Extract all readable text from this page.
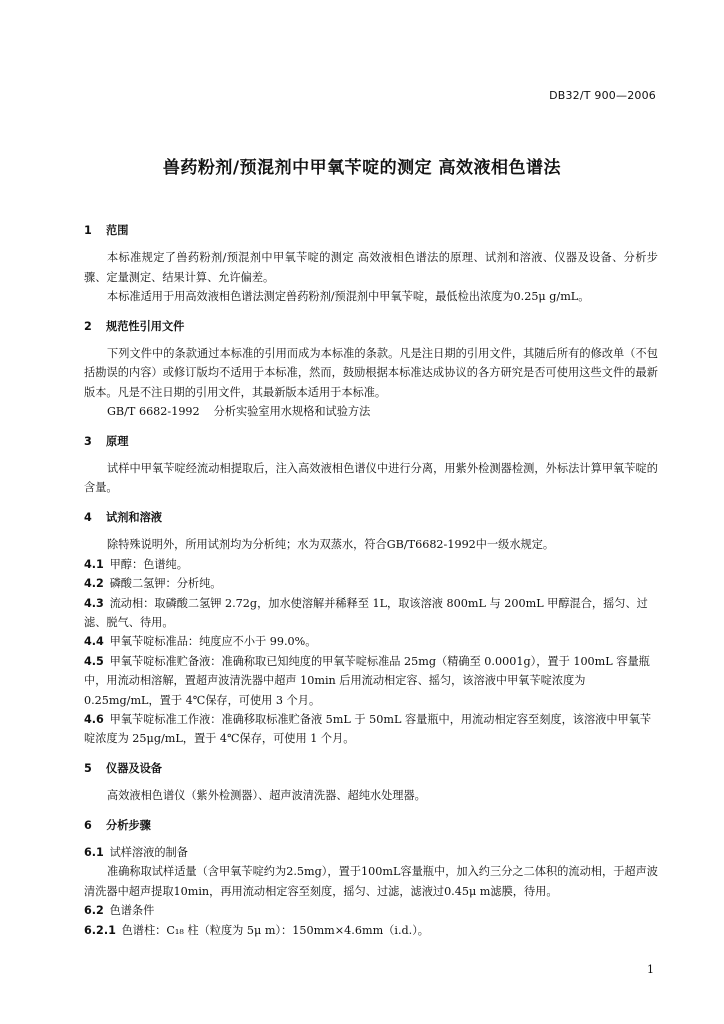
DB32/T 900—2006
兽药粉剂/预混剂中甲氧苄啶的测定 高效液相色谱法
1 范围
本标准规定了兽药粉剂/预混剂中甲氧苄啶的测定 高效液相色谱法的原理、试剂和溶液、仪器及设备、分析步骤、定量测定、结果计算、允许偏差。
本标准适用于用高效液相色谱法测定兽药粉剂/预混剂中甲氧苄啶，最低检出浓度为0.25μ g/mL。
2 规范性引用文件
下列文件中的条款通过本标准的引用而成为本标准的条款。凡是注日期的引用文件，其随后所有的修改单（不包括勘误的内容）或修订版均不适用于本标准，然而，鼓励根据本标准达成协议的各方研究是否可使用这些文件的最新版本。凡是不注日期的引用文件，其最新版本适用于本标准。
GB/T 6682-1992 分析实验室用水规格和试验方法
3 原理
试样中甲氧苄啶经流动相提取后，注入高效液相色谱仪中进行分离，用紫外检测器检测，外标法计算甲氧苄啶的含量。
4 试剂和溶液
除特殊说明外，所用试剂均为分析纯；水为双蒸水，符合GB/T6682-1992中一级水规定。
4.1 甲醇：色谱纯。
4.2 磷酸二氢钾：分析纯。
4.3 流动相：取磷酸二氢钾 2.72g，加水使溶解并稀释至 1L，取该溶液 800mL 与 200mL 甲醇混合，摇匀、过滤、脱气、待用。
4.4 甲氧苄啶标准品：纯度应不小于 99.0%。
4.5 甲氧苄啶标准贮备液：准确称取已知纯度的甲氧苄啶标准品 25mg（精确至 0.0001g），置于 100mL 容量瓶中，用流动相溶解，置超声波清洗器中超声 10min 后用流动相定容、摇匀，该溶液中甲氧苄啶浓度为 0.25mg/mL，置于 4℃保存，可使用 3 个月。
4.6 甲氧苄啶标准工作液：准确移取标准贮备液 5mL 于 50mL 容量瓶中，用流动相定容至刻度，该溶液中甲氧苄啶浓度为 25μg/mL，置于 4℃保存，可使用 1 个月。
5 仪器及设备
高效液相色谱仪（紫外检测器）、超声波清洗器、超纯水处理器。
6 分析步骤
6.1 试样溶液的制备
准确称取试样适量（含甲氧苄啶约为2.5mg），置于100mL容量瓶中，加入约三分之二体积的流动相，于超声波清洗器中超声提取10min，再用流动相定容至刻度，摇匀、过滤，滤液过0.45μ m滤膜，待用。
6.2 色谱条件
6.2.1 色谱柱：C₁₈ 柱（粒度为 5μ m）：150mm×4.6mm（i.d.）。
1
